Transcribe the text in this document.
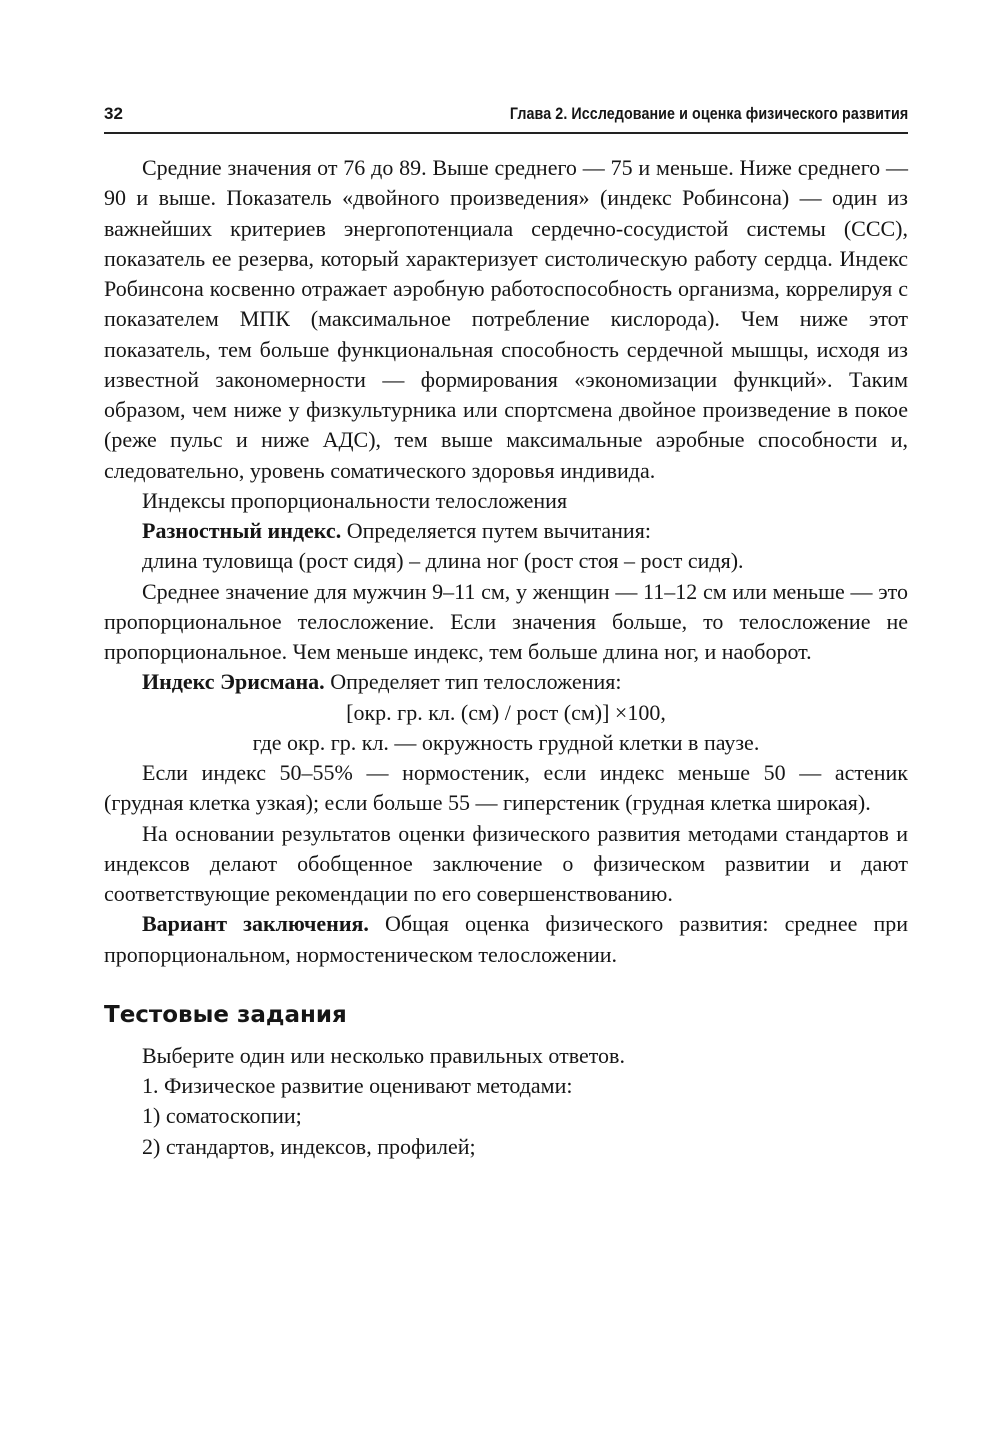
32	Глава 2. Исследование и оценка физического развития

Средние значения от 76 до 89. Выше среднего — 75 и меньше. Ниже среднего — 90 и выше. Показатель «двойного произведения» (индекс Робинсона) — один из важнейших критериев энергопотенциала сердечно-сосудистой системы (ССС), показатель ее резерва, который характеризует систолическую работу сердца. Индекс Робинсона косвенно отражает аэробную работоспособность организма, коррелируя с показателем МПК (максимальное потребление кислорода). Чем ниже этот показатель, тем больше функциональная способность сердечной мышцы, исходя из известной закономерности — формирования «экономизации функций». Таким образом, чем ниже у физкультурника или спортсмена двойное произведение в покое (реже пульс и ниже АДС), тем выше максимальные аэробные способности и, следовательно, уровень соматического здоровья индивида.

Индексы пропорциональности телосложения

Разностный индекс. Определяется путем вычитания:

длина туловища (рост сидя) – длина ног (рост стоя – рост сидя).

Среднее значение для мужчин 9–11 см, у женщин — 11–12 см или меньше — это пропорциональное телосложение. Если значения больше, то телосложение не пропорциональное. Чем меньше индекс, тем больше длина ног, и наоборот.

Индекс Эрисмана. Определяет тип телосложения:

[окр. гр. кл. (см) / рост (см)] ×100,

где окр. гр. кл. — окружность грудной клетки в паузе.

Если индекс 50–55% — нормостеник, если индекс меньше 50 — астеник (грудная клетка узкая); если больше 55 — гиперстеник (грудная клетка широкая).

На основании результатов оценки физического развития методами стандартов и индексов делают обобщенное заключение о физическом развитии и дают соответствующие рекомендации по его совершенствованию.

Вариант заключения. Общая оценка физического развития: среднее при пропорциональном, нормостеническом телосложении.

Тестовые задания

Выберите один или несколько правильных ответов.

1. Физическое развитие оценивают методами:

1) соматоскопии;

2) стандартов, индексов, профилей;
